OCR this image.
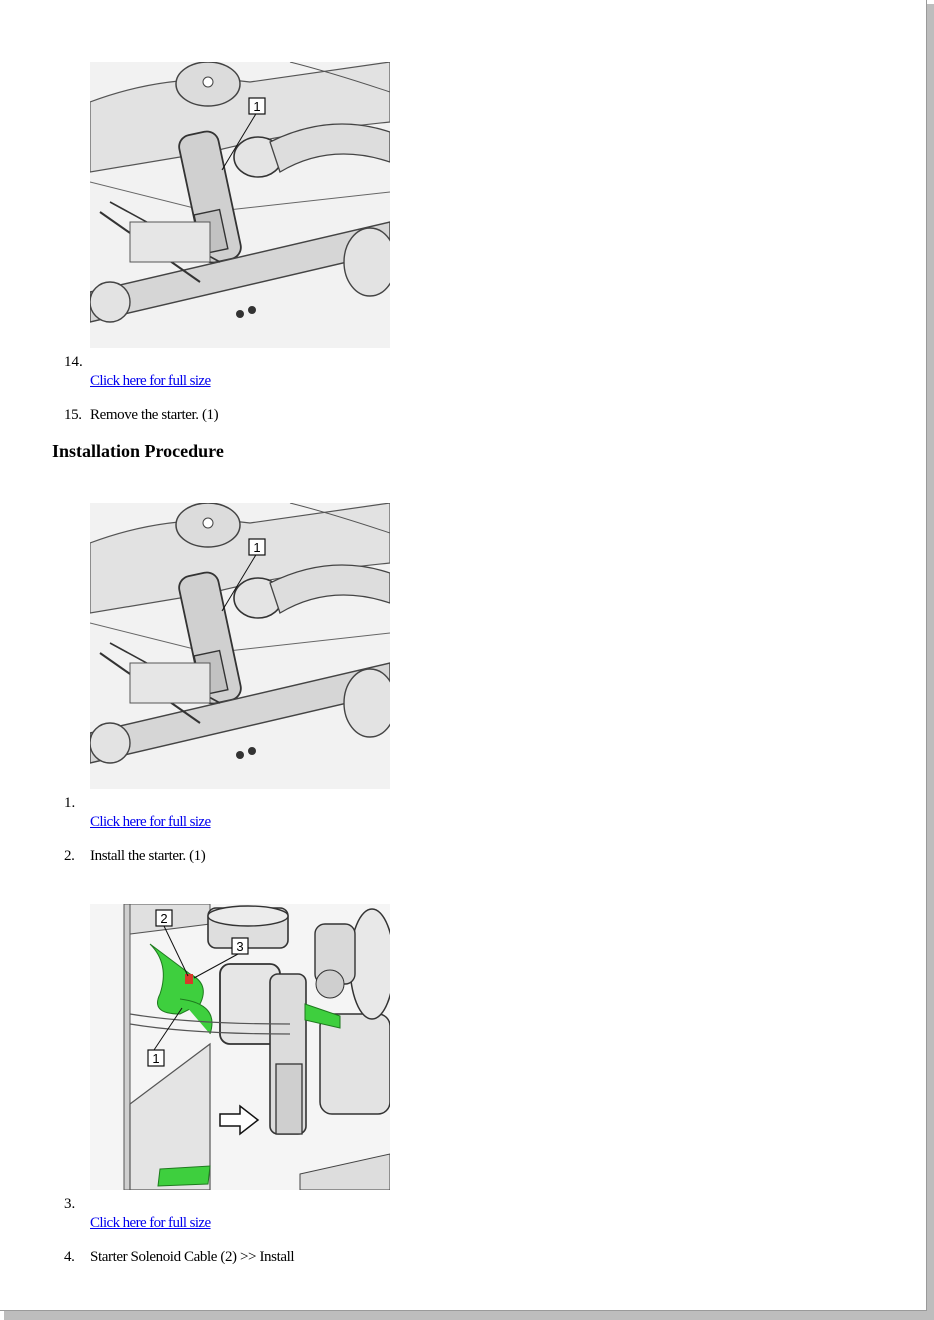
1
14.
Click here for full size
15. Remove the starter. (1)
Installation Procedure
1
1.
Click here for full size
2. Install the starter. (1)
2
3
1
3.
Click here for full size
4. Starter Solenoid Cable (2) >> Install
